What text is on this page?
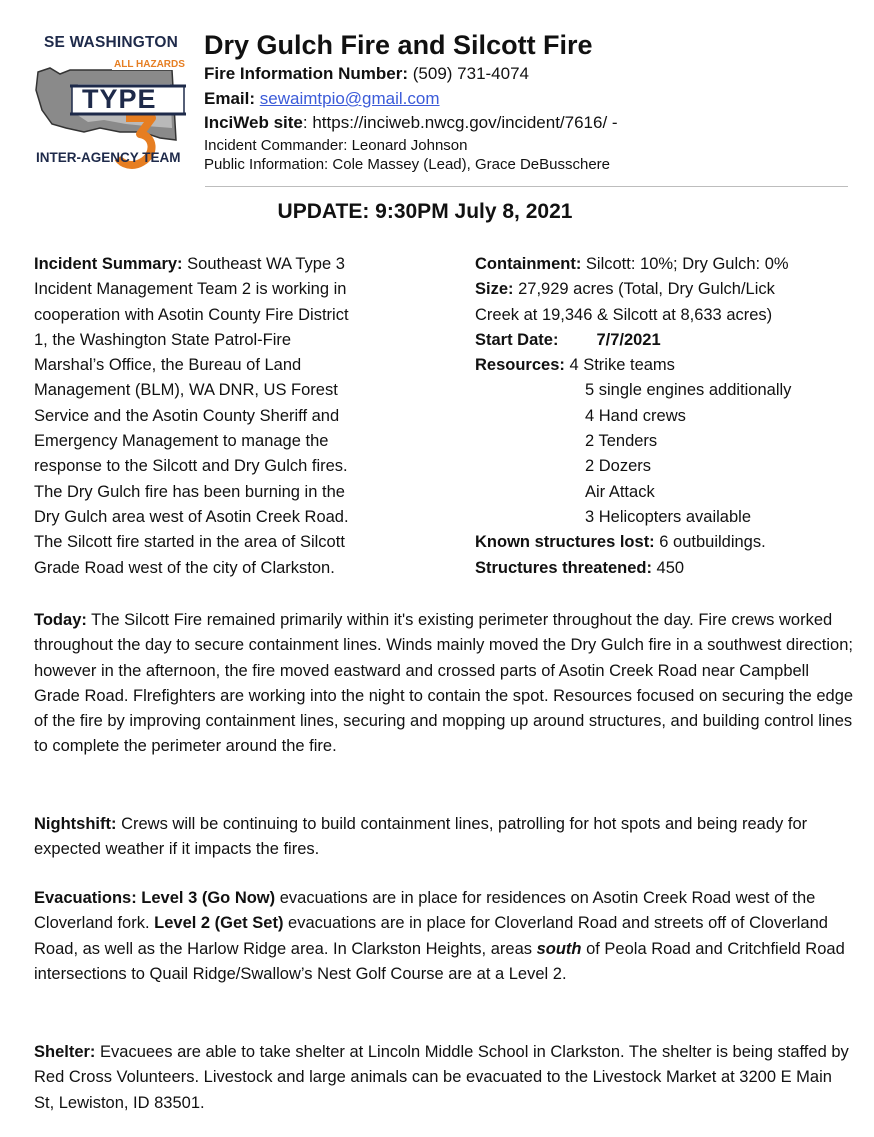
SE WASHINGTON
ALL HAZARDS
TYPE
INTER-AGENCY TEAM
Dry Gulch Fire and Silcott Fire
Fire Information Number: (509) 731-4074
Email: sewaimtpio@gmail.com
InciWeb site: https://inciweb.nwcg.gov/incident/7616/ -
Incident Commander: Leonard Johnson
Public Information: Cole Massey (Lead), Grace DeBusschere
UPDATE: 9:30PM July 8, 2021
Incident Summary: Southeast WA Type 3
Incident Management Team 2 is working in
cooperation with Asotin County Fire District
1, the Washington State Patrol-Fire
Marshal’s Office, the Bureau of Land
Management (BLM), WA DNR, US Forest
Service and the Asotin County Sheriff and
Emergency Management to manage the
response to the Silcott and Dry Gulch fires.
The Dry Gulch fire has been burning in the
Dry Gulch area west of Asotin Creek Road.
The Silcott fire started in the area of Silcott
Grade Road west of the city of Clarkston.
Containment: Silcott: 10%; Dry Gulch: 0%
Size: 27,929 acres (Total, Dry Gulch/Lick
Creek at 19,346 & Silcott at 8,633 acres)
Start Date: 7/7/2021
Resources: 4 Strike teams
5 single engines additionally
4 Hand crews
2 Tenders
2 Dozers
Air Attack
3 Helicopters available
Known structures lost: 6 outbuildings.
Structures threatened: 450
Today: The Silcott Fire remained primarily within it's existing perimeter throughout the day. Fire crews worked throughout the day to secure containment lines. Winds mainly moved the Dry Gulch fire in a southwest direction; however in the afternoon, the fire moved eastward and crossed parts of Asotin Creek Road near Campbell Grade Road. Flrefighters are working into the night to contain the spot. Resources focused on securing the edge of the fire by improving containment lines, securing and mopping up around structures, and building control lines to complete the perimeter around the fire.
Nightshift: Crews will be continuing to build containment lines, patrolling for hot spots and being ready for expected weather if it impacts the fires.
Evacuations: Level 3 (Go Now) evacuations are in place for residences on Asotin Creek Road west of the Cloverland fork. Level 2 (Get Set) evacuations are in place for Cloverland Road and streets off of Cloverland Road, as well as the Harlow Ridge area. In Clarkston Heights, areas south of Peola Road and Critchfield Road intersections to Quail Ridge/Swallow’s Nest Golf Course are at a Level 2.
Shelter: Evacuees are able to take shelter at Lincoln Middle School in Clarkston. The shelter is being staffed by Red Cross Volunteers. Livestock and large animals can be evacuated to the Livestock Market at 3200 E Main St, Lewiston, ID 83501.
